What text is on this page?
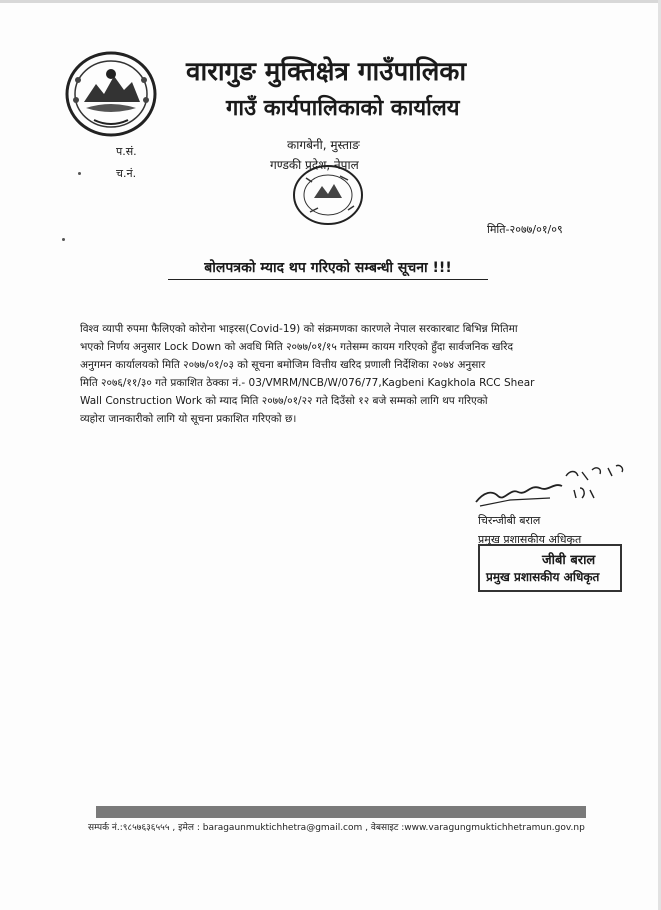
वारागुङ मुक्तिक्षेत्र गाउँपालिका
गाउँ कार्यपालिकाको कार्यालय
कागबेनी, मुस्ताङ
गण्डकी प्रदेश, नेपाल
प.सं.
च.नं.
मिति-२०७७/०१/०९
बोलपत्रको म्याद थप गरिएको सम्बन्धी सूचना !!!
विश्व व्यापी रुपमा फैलिएको कोरोना भाइरस(Covid-19) को संक्रमणका कारणले नेपाल सरकारबाट बिभिन्न मितिमा
भएको निर्णय अनुसार Lock Down को अवधि मिति २०७७/०१/१५ गतेसम्म कायम गरिएको हुँदा सार्वजनिक खरिद
अनुगमन कार्यालयको मिति २०७७/०१/०३ को सूचना बमोजिम वित्तीय खरिद प्रणाली निर्देशिका २०७४ अनुसार
मिति २०७६/११/३० गते प्रकाशित ठेक्का नं.- 03/VMRM/NCB/W/076/77,Kagbeni Kagkhola RCC Shear
Wall Construction Work को म्याद मिति २०७७/०१/२२ गते दिउँसो १२ बजे सम्मको लागि थप गरिएको
व्यहोरा जानकारीको लागि यो सूचना प्रकाशित गरिएको छ।
चिरन्जीबी बराल
प्रमुख प्रशासकीय अधिकृत
जीबी बराल
प्रमुख प्रशासकीय अधिकृत
सम्पर्क नं.:९८५७६३६५५५ , इमेल : baragaunmuktichhetra@gmail.com , वेबसाइट :www.varagungmuktichhetramun.gov.np
